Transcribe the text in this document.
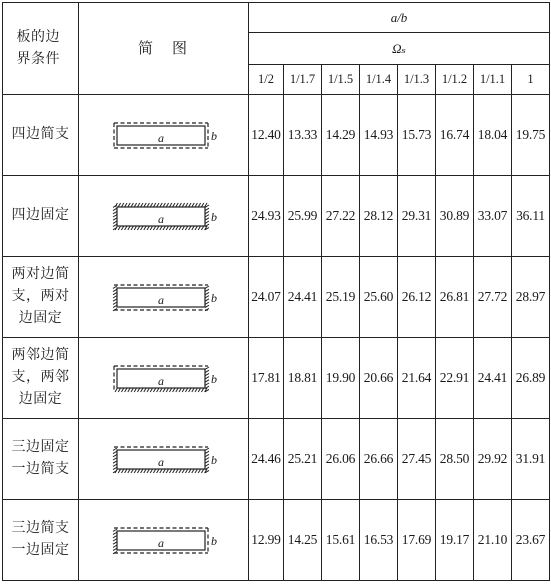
板的边界条件	简　图	a/b							
		Ωₛ							
		1/2	1/1.7	1/1.5	1/1.4	1/1.3	1/1.2	1/1.1	1

四边简支	a b	12.40	13.33	14.29	14.93	15.73	16.74	18.04	19.75

四边固定	a b	24.93	25.99	27.22	28.12	29.31	30.89	33.07	36.11

两对边简支，两对边固定	a b	24.07	24.41	25.19	25.60	26.12	26.81	27.72	28.97

两邻边简支，两邻边固定	a b	17.81	18.81	19.90	20.66	21.64	22.91	24.41	26.89

三边固定一边简支	a b	24.46	25.21	26.06	26.66	27.45	28.50	29.92	31.91

三边简支一边固定	a b	12.99	14.25	15.61	16.53	17.69	19.17	21.10	23.67
